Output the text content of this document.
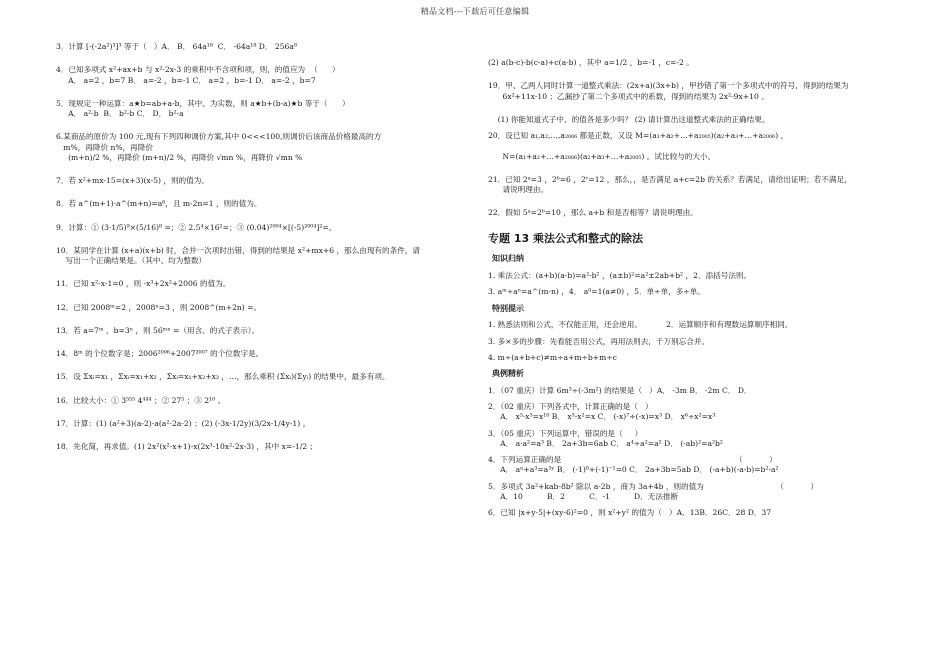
精品文档---下载后可任意编辑
3．计算 [-(-2a²)³]³ 等于（   ）A． B． 64a¹⁸  C． -64a¹⁸ D． 256a⁸
4．已知多项式 x²+ax+b 与 x²-2x-3 的乘积中不含项和项，则，的值应为  （      ）
A． a=2 ，b=7 B． a=-2 ，b=-1 C． a=2 ，b=-1 D． a=-2 ，b=7
5．现规定一种运算：a★b=ab+a-b，其中、为实数，则 a★b+(b-a)★b 等于（      ）
A． a²-b  B． b²-b C． D． b²-a
6.某商品的原价为 100 元,现有下列四种调价方案,其中 0<<<100,则调价后该商品价格最高的方
m%，再降价 n%，再降价
(m+n)/2 %，再降价 (m+n)/2 %，再降价 √mn %，再降价 √mn %
7．若 x²+mx-15=(x+3)(x-5) ，则的值为。
8．若 a^(m+1)·a^(m+n)=a⁶，且 m-2n=1 ，则的值为。
9．计算：① (3·1/5)⁹×(5/16)⁸ =；② 2.5⁴×16²=；③ (0.04)²⁰⁰⁴×[(-5)²⁰⁰⁴]²=。
10．某同学在计算 (x+a)(x+b) 时，合并一次项时出错，得到的结果是 x²+mx+6 ，那么由现有的条件，请
写出一个正确结果是。（其中、均为整数）
11．已知 x²-x-1=0 ，则 -x³+2x²+2006 的值为。
12．已知 2008ᵐ=2 ，2008ⁿ=3 ，则 2008^(m+2n) =。
13．若 a=7ᵐ ，b=3ⁿ ，则 56ᵐⁿ =（用含、的式子表示）。
14．8ᵐ 的个位数字是；2006²⁰⁰⁶+2007²⁰⁰⁷ 的个位数字是。
15．设 Σxᵢ=x₁ ，Σxᵢ=x₁+x₂ ，Σxᵢ=x₁+x₂+x₃ ，…，那么乘积 (Σxᵢ)(Σyᵢ) 的结果中，最多有项。
16．比较大小：① 3⁵⁵⁵ 4⁴⁴⁴ ；② 27⁵ ；③ 2¹⁰ 。
17．计算：(1) (a²+3)(a-2)-a(a²-2a-2) ；(2) (-3x-1/2y)(3/2x-1/4y-1) 。
18．先化简，再求值。(1) 2x²(x²-x+1)-x(2x³-10x²-2x-3) ，其中 x=-1/2 ；
(2) a(b-c)-b(c-a)+c(a-b) ，其中 a=1/2 ，b=-1 ，c=-2 。
19．甲、乙两人同时计算一道整式乘法：(2x+a)(3x+b) ，甲抄错了第一个多项式中的符号，得到的结果为
6x²+11x-10 ；乙漏抄了第二个多项式中的系数，得到的结果为 2x²-9x+10 。
(1) 你能知道式子中、的值各是多少吗？ (2) 请计算出这道整式乘法的正确结果。
20．设已知 a₁,a₂,…,a₂₀₀₆ 都是正数，又设 M=(a₁+a₂+…+a₂₀₀₅)(a₂+a₃+…+a₂₀₀₆) ，

N=(a₁+a₂+…+a₂₀₀₆)(a₂+a₃+…+a₂₀₀₅) 。试比较与的大小。
21．已知 2ᵃ=3 ，2ᵇ=6 ，2ᶜ=12 ，那么，，是否满足 a+c=2b 的关系？若满足，请给出证明；若不满足，
请说明理由。
22．假如 5ᵃ=2ᵇ=10 ，那么 a+b 和是否相等？请说明理由。
专题 13 乘法公式和整式的除法
知识归纳
1. 乘法公式：(a+b)(a-b)=a²-b² ，(a±b)²=a²±2ab+b² ，2．添括号法则。
3. aᵐ÷aⁿ=a^(m-n) ，4． a⁰=1(a≠0) ，5．单÷单，多÷单。
特别提示
1. 熟悉法则和公式，不仅能正用，还会逆用。          2．运算顺序和有理数运算顺序相同。
3. 多×多的步骤：先看能否用公式，再用法则去，千万别忘合并。
4. m÷(a+b+c)≠m÷a+m÷b+m÷c
典例精析
1．（07 重庆）计算 6m³÷(-3m²) 的结果是（   ）A． -3m B． -2m C． D．
2．（02 重庆）下列各式中，计算正确的是（   ）
A． x⁵·x⁵=x¹⁰ B． x³-x²=x C． (-x)⁷÷(-x)=x³ D． x⁶÷x²=x³
3．（05 重庆）下列运算中，错误的是（     ）
A． a·a²=a³ B． 2a+3b=6ab C． a⁴÷a²=a² D． (-ab)²=a²b²
4．下列运算正确的是                                                                        （           ）
A． aⁿ+a³=a³ʸ B． (-1)⁰+(-1)⁻¹=0 C． 2a+3b=5ab D． (-a+b)(-a-b)=b²-a²
5．多项式 3a²+kab-8b² 除以 a-2b ，商为 3a+4b ，则的值为                              （           ）
A．10          B．2          C．-1          D．无法推断
6．已知 |x+y-5|+(xy-6)²=0 ，则 x²+y² 的值为（   ）A．13B．26C．28 D．37
